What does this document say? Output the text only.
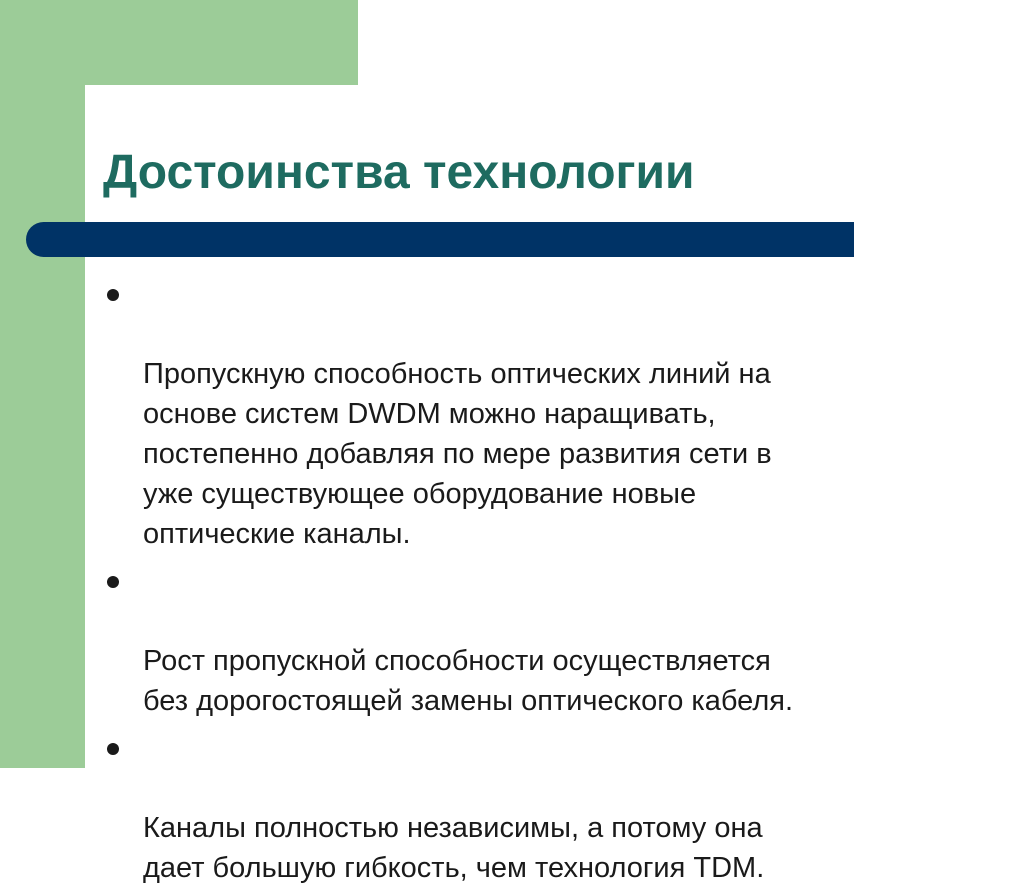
Достоинства технологии

Пропускную способность оптических линий на
основе систем DWDM можно наращивать,
постепенно добавляя по мере развития сети в
уже существующее оборудование новые
оптические каналы.

Рост пропускной способности осуществляется
без дорогостоящей замены оптического кабеля.

Каналы полностью независимы, а потому она
дает большую гибкость, чем технология TDM.
